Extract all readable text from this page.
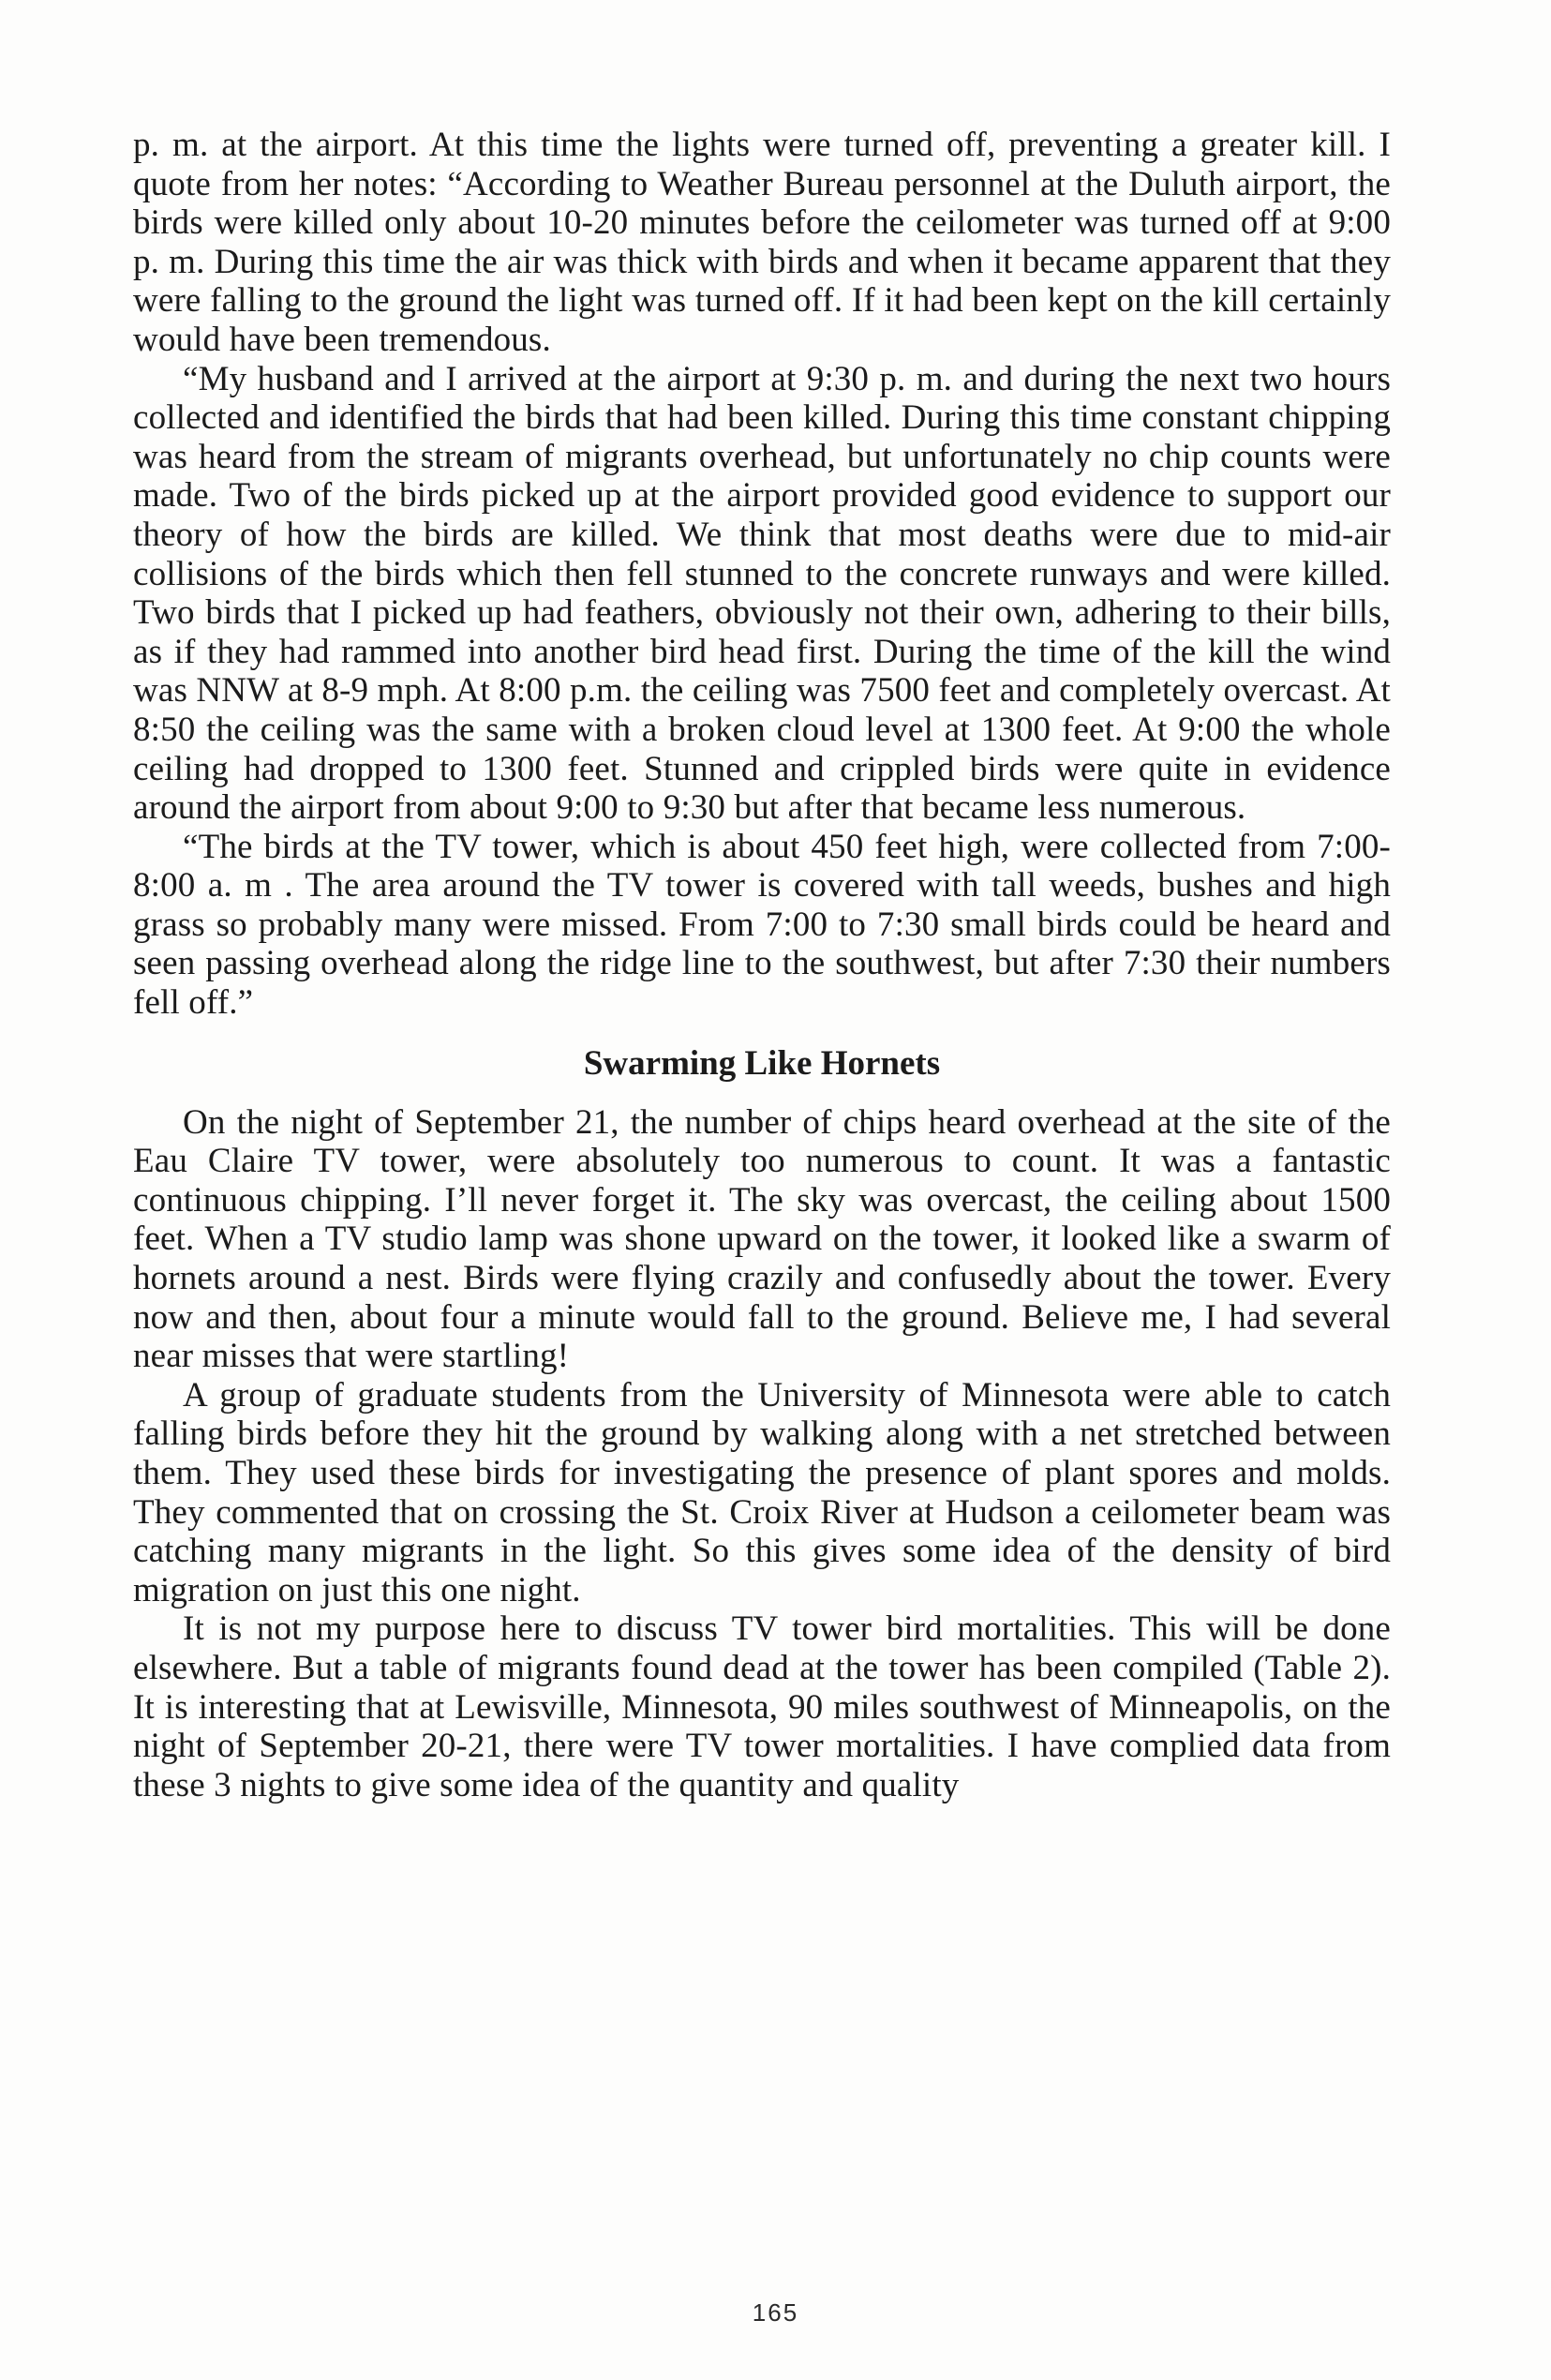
p. m. at the airport. At this time the lights were turned off, preventing a greater kill. I quote from her notes: “According to Weather Bureau personnel at the Duluth airport, the birds were killed only about 10-20 minutes before the ceilometer was turned off at 9:00 p. m. During this time the air was thick with birds and when it became apparent that they were falling to the ground the light was turned off. If it had been kept on the kill certainly would have been tremendous.

“My husband and I arrived at the airport at 9:30 p. m. and during the next two hours collected and identified the birds that had been killed. During this time constant chipping was heard from the stream of migrants overhead, but unfortunately no chip counts were made. Two of the birds picked up at the airport provided good evidence to support our theory of how the birds are killed. We think that most deaths were due to mid-air collisions of the birds which then fell stunned to the concrete runways and were killed. Two birds that I picked up had feathers, obviously not their own, adhering to their bills, as if they had rammed into another bird head first. During the time of the kill the wind was NNW at 8-9 mph. At 8:00 p.m. the ceiling was 7500 feet and completely overcast. At 8:50 the ceiling was the same with a broken cloud level at 1300 feet. At 9:00 the whole ceiling had dropped to 1300 feet. Stunned and crippled birds were quite in evidence around the airport from about 9:00 to 9:30 but after that became less numerous.

“The birds at the TV tower, which is about 450 feet high, were collected from 7:00-8:00 a. m . The area around the TV tower is covered with tall weeds, bushes and high grass so probably many were missed. From 7:00 to 7:30 small birds could be heard and seen passing overhead along the ridge line to the southwest, but after 7:30 their numbers fell off.”

Swarming Like Hornets

On the night of September 21, the number of chips heard overhead at the site of the Eau Claire TV tower, were absolutely too numerous to count. It was a fantastic continuous chipping. I’ll never forget it. The sky was overcast, the ceiling about 1500 feet. When a TV studio lamp was shone upward on the tower, it looked like a swarm of hornets around a nest. Birds were flying crazily and confusedly about the tower. Every now and then, about four a minute would fall to the ground. Believe me, I had several near misses that were startling!

A group of graduate students from the University of Minnesota were able to catch falling birds before they hit the ground by walking along with a net stretched between them. They used these birds for investigating the presence of plant spores and molds. They commented that on crossing the St. Croix River at Hudson a ceilometer beam was catching many migrants in the light. So this gives some idea of the density of bird migration on just this one night.

It is not my purpose here to discuss TV tower bird mortalities. This will be done elsewhere. But a table of migrants found dead at the tower has been compiled (Table 2). It is interesting that at Lewisville, Minnesota, 90 miles southwest of Minneapolis, on the night of September 20-21, there were TV tower mortalities. I have complied data from these 3 nights to give some idea of the quantity and quality

165
